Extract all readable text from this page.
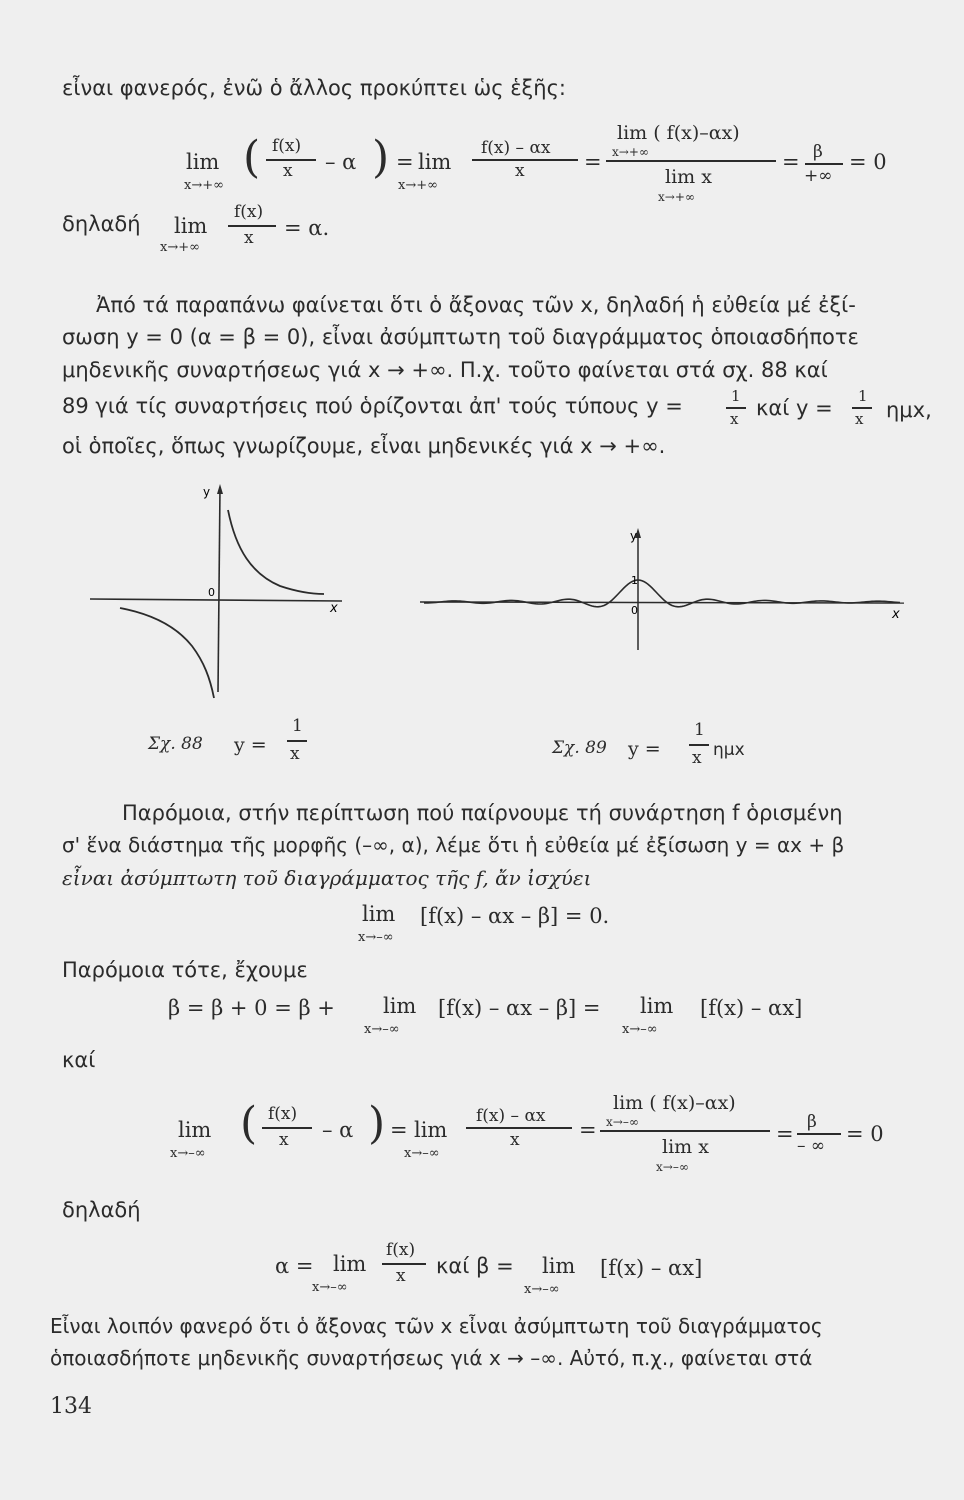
εἶναι φανερός, ἐνῶ ὁ ἄλλος προκύπτει ὡς ἑξῆς:
lim
x→+∞
( f(x)
x – α ) = lim
x→+∞
f(x) – αx
x	=
lim ( f(x)–αx)
x→+∞
lim x
x→+∞
= β
+∞
= 0
δηλαδή lim
x→+∞
f(x)
x = α.
Ἀπό τά παραπάνω φαίνεται ὅτι ὁ ἄξονας τῶν x, δηλαδή ἡ εὐθεία μέ ἐξί-
σωση y = 0 (α = β = 0), εἶναι ἀσύμπτωτη τοῦ διαγράμματος ὁποιασδήποτε
μηδενικῆς συναρτήσεως γιά x → +∞. Π.χ. τοῦτο φαίνεται στά σχ. 88 καί
89 γιά τίς συναρτήσεις πού ὁρίζονται ἀπ' τούς τύπους y =	1
x καί y = 1
x ημx,
οἱ ὁποῖες, ὅπως γνωρίζουμε, εἶναι μηδενικές γιά x → +∞.
y
x
0
y
x
1
0
Σχ. 88 y =
1
x	Σχ. 89 y =
1
x ημx
Παρόμοια, στήν περίπτωση πού παίρνουμε τή συνάρτηση f ὁρισμένη
σ' ἕνα διάστημα τῆς μορφῆς (–∞, α), λέμε ὅτι ἡ εὐθεία μέ ἐξίσωση y = αx + β
εἶναι ἀσύμπτωτη τοῦ διαγράμματος τῆς f, ἄν ἰσχύει
lim
x→–∞
[f(x) – αx – β] = 0.
Παρόμοια τότε, ἔχουμε
β = β + 0 = β + lim
x→–∞
[f(x) – αx – β] = lim
x→–∞
[f(x) – αx]
καί
lim
x→–∞
( f(x)
x – α ) = lim
x→–∞
f(x) – αx
x	=
lim ( f(x)–αx)
x→–∞
lim x
x→–∞
= β
– ∞ = 0
δηλαδή
α = lim
x→–∞
f(x)
x καί β = lim
x→–∞
[f(x) – αx]
Εἶναι λοιπόν φανερό ὅτι ὁ ἄξονας τῶν x εἶναι ἀσύμπτωτη τοῦ διαγράμματος
ὁποιασδήποτε μηδενικῆς συναρτήσεως γιά x → –∞. Αὐτό, π.χ., φαίνεται στά
134
